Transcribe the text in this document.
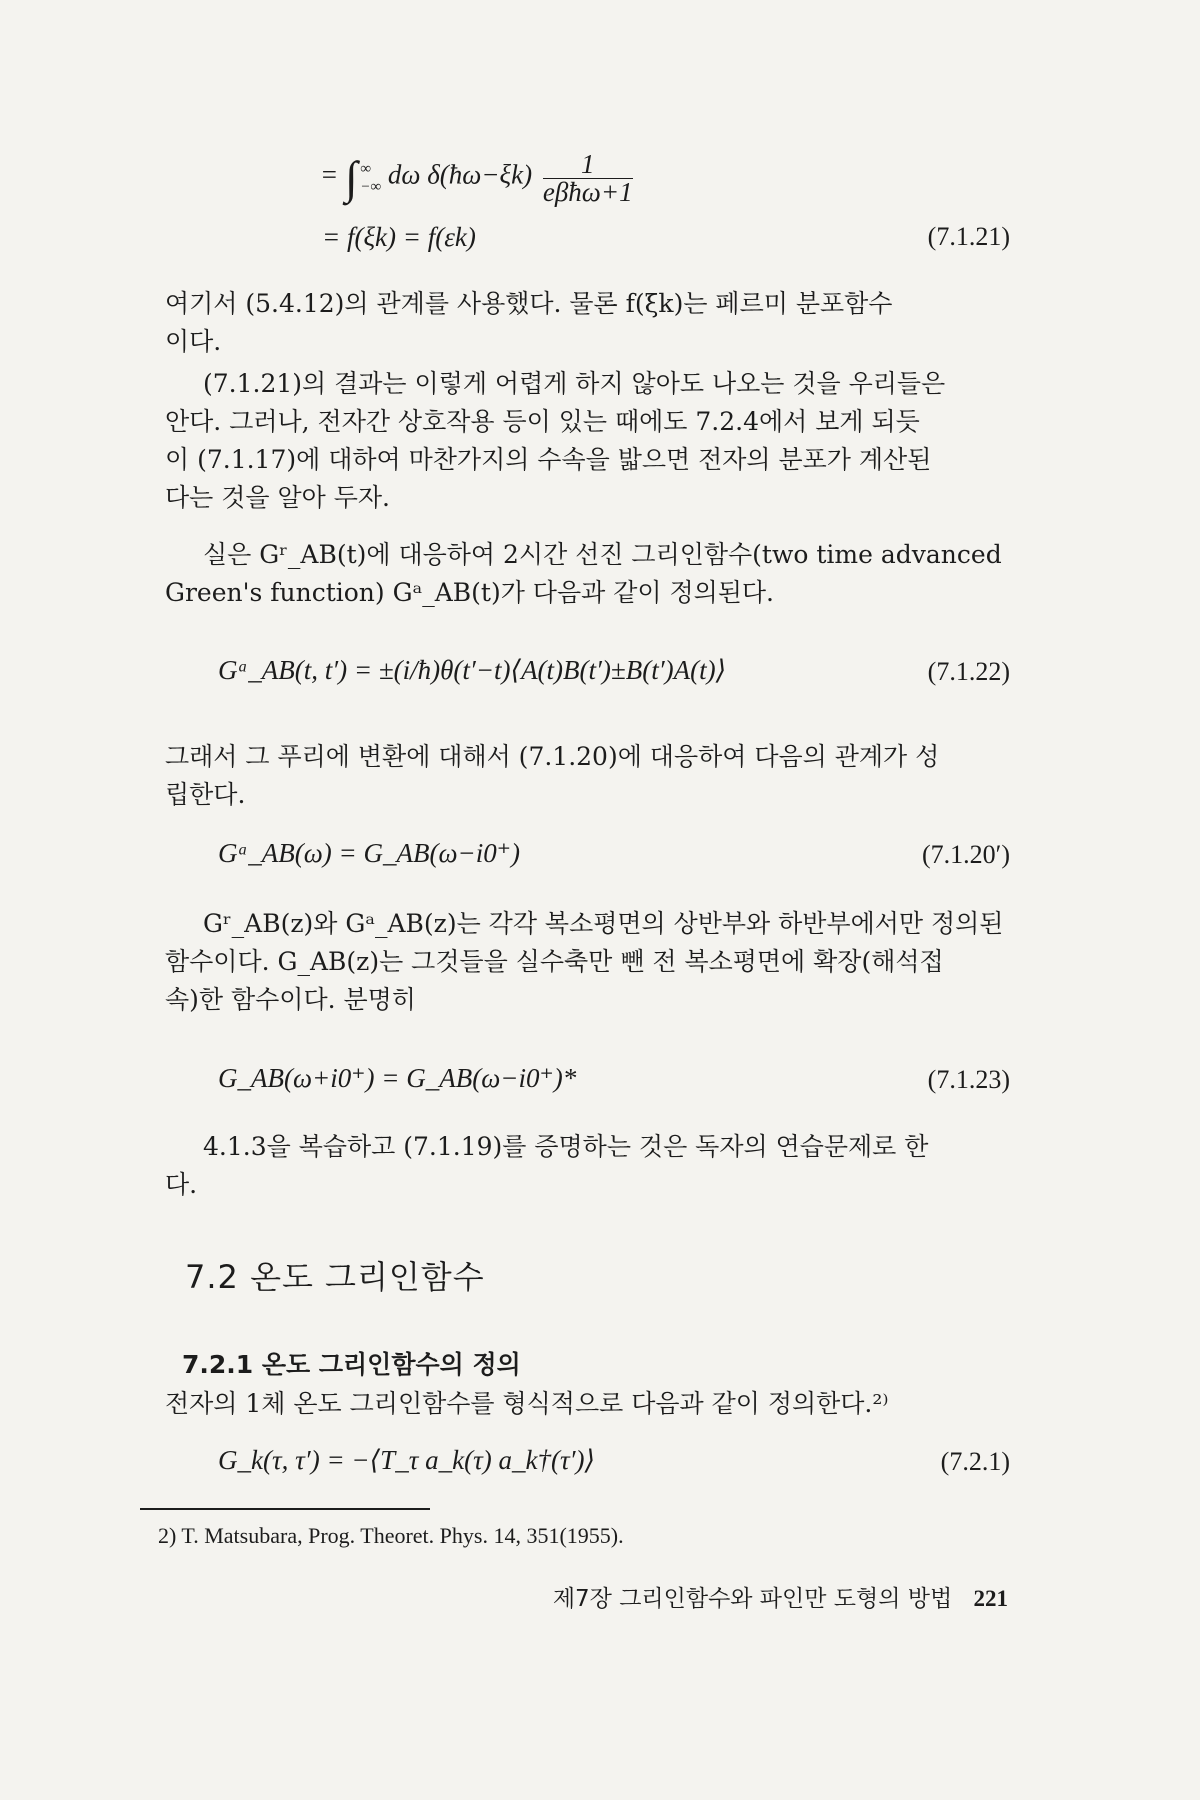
= ∫ ∞
−∞ dω δ(ħω−ξk) $\frac{1}{\text{eβħω+1}}$
= f(ξk) = f(εk)	(7.1.21)
여기서 (5.4.12)의 관계를 사용했다. 물론 f(ξk)는 페르미 분포함수
이다.
(7.1.21)의 결과는 이렇게 어렵게 하지 않아도 나오는 것을 우리들은
안다. 그러나, 전자간 상호작용 등이 있는 때에도 7.2.4에서 보게 되듯
이 (7.1.17)에 대하여 마찬가지의 수속을 밟으면 전자의 분포가 계산된
다는 것을 알아 두자.
실은 Gʳ_AB(t)에 대응하여 2시간 선진 그리인함수(two time advanced
Green's function) Gᵃ_AB(t)가 다음과 같이 정의된다.
Gᵃ_AB(t, t′) = ±(i/ħ)θ(t′−t)⟨A(t)B(t′)±B(t′)A(t)⟩	(7.1.22)
그래서 그 푸리에 변환에 대해서 (7.1.20)에 대응하여 다음의 관계가 성
립한다.
Gᵃ_AB(ω) = G_AB(ω−i0⁺)	(7.1.20′)
Gʳ_AB(z)와 Gᵃ_AB(z)는 각각 복소평면의 상반부와 하반부에서만 정의된
함수이다. G_AB(z)는 그것들을 실수축만 뺀 전 복소평면에 확장(해석접
속)한 함수이다. 분명히
G_AB(ω+i0⁺) = G_AB(ω−i0⁺)*	(7.1.23)
4.1.3을 복습하고 (7.1.19)를 증명하는 것은 독자의 연습문제로 한
다.
7.2 온도 그리인함수
7.2.1 온도 그리인함수의 정의
전자의 1체 온도 그리인함수를 형식적으로 다음과 같이 정의한다.²⁾
G_k(τ, τ′) = −⟨T_τ a_k(τ) a_k†(τ′)⟩	(7.2.1)
2) T. Matsubara, Prog. Theoret. Phys. 14, 351(1955).
제7장 그리인함수와 파인만 도형의 방법 221
